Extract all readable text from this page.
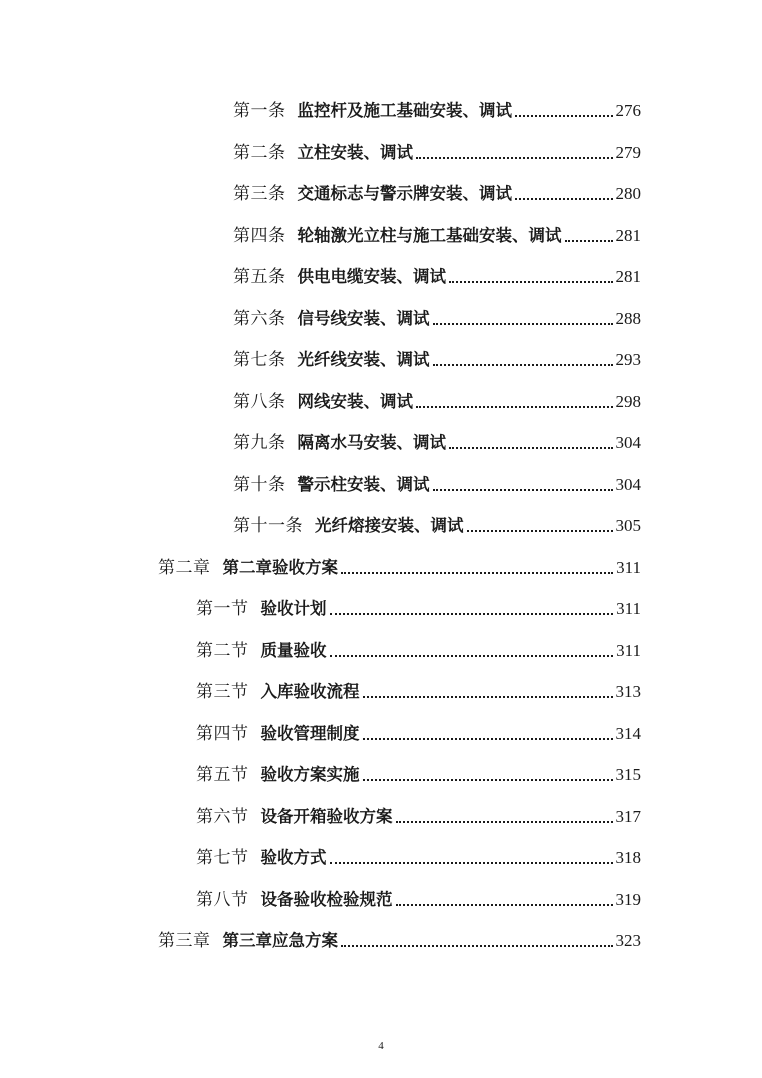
第一条 监控杆及施工基础安装、调试	276
第二条 立柱安装、调试	279
第三条 交通标志与警示牌安装、调试	280
第四条 轮轴激光立柱与施工基础安装、调试	281
第五条 供电电缆安装、调试	281
第六条 信号线安装、调试	288
第七条 光纤线安装、调试	293
第八条 网线安装、调试	298
第九条 隔离水马安装、调试	304
第十条 警示柱安装、调试	304
第十一条 光纤熔接安装、调试	305
第二章 第二章验收方案	311
第一节 验收计划	311
第二节 质量验收	311
第三节 入库验收流程	313
第四节 验收管理制度	314
第五节 验收方案实施	315
第六节 设备开箱验收方案	317
第七节 验收方式	318
第八节 设备验收检验规范	319
第三章 第三章应急方案	323
4
